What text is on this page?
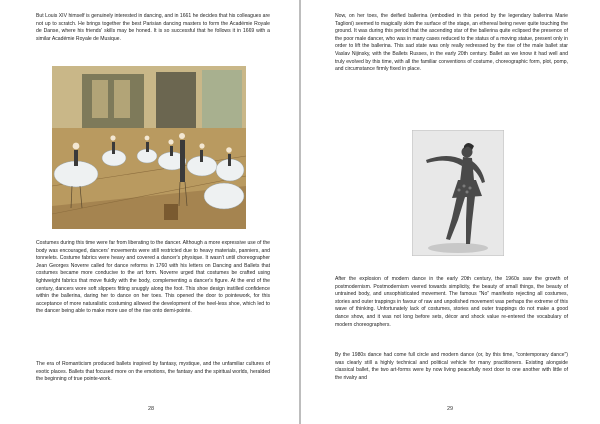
But Louis XIV himself is genuinely interested in dancing, and in 1661 he decides that his colleagues are not up to scratch. He brings together the best Parisian dancing masters to form the Académie Royale de Danse, where his friends' skills may be honed. It is so successful that he follows it in 1669 with a similar Académie Royale de Musique.

Costumes during this time were far from liberating to the dancer. Although a more expressive use of the body was encouraged, dancers' movements were still restricted due to heavy materials, panniers, and tonnelets. Costume fabrics were heavy and covered a dancer's physique. It wasn't until choreographer Jean Georges Noverre called for dance reforms in 1760 with his letters on Dancing and Ballets that costumes became more conducive to the art form. Noverre urged that costumes be crafted using lightweight fabrics that move fluidly with the body, complementing a dancer's figure. At the end of the century, dancers wore soft slippers fitting snuggly along the foot. This shoe design instilled confidence within the ballerina, daring her to dance on her toes. This opened the door to pointework, for this acceptance of more naturalistic costuming allowed the development of the heel-less shoe, which led to the dancer being able to make more use of the rise onto demi-pointe.

The era of Romanticism produced ballets inspired by fantasy, mystique, and the unfamiliar cultures of exotic places. Ballets that focused more on the emotions, the fantasy and the spiritual worlds, heralded the beginning of true pointe-work.

28

Now, on her toes, the deified ballerina (embodied in this period by the legendary ballerina Marie Taglioni) seemed to magically skim the surface of the stage, an ethereal being never quite touching the ground. It was during this period that the ascending star of the ballerina quite eclipsed the presence of the poor male dancer, who was in many cases reduced to the status of a moving statue, present only in order to lift the ballerina. This sad state was only really redressed by the rise of the male ballet star Vaslav Nijinsky, with the Ballets Russes, in the early 20th century. Ballet as we know it had well and truly evolved by this time, with all the familiar conventions of costume, choreographic form, plot, pomp, and circumstance firmly fixed in place.

After the explosion of modern dance in the early 20th century, the 1960s saw the growth of postmodernism. Postmodernism veered towards simplicity, the beauty of small things, the beauty of untrained body, and unsophisticated movement. The famous "No" manifesto rejecting all costumes, stories and outer trappings in favour of raw and unpolished movement was perhaps the extreme of this wave of thinking. Unfortunately lack of costumes, stories and outer trappings do not make a good dance show, and it was not long before sets, décor and shock value re-entered the vocabulary of modern choreographers.

By the 1980s dance had come full circle and modern dance (or, by this time, "contemporary dance") was clearly still a highly technical and political vehicle for many practitioners. Existing alongside classical ballet, the two art-forms were by now living peacefully next door to one another with little of the rivalry and

29
